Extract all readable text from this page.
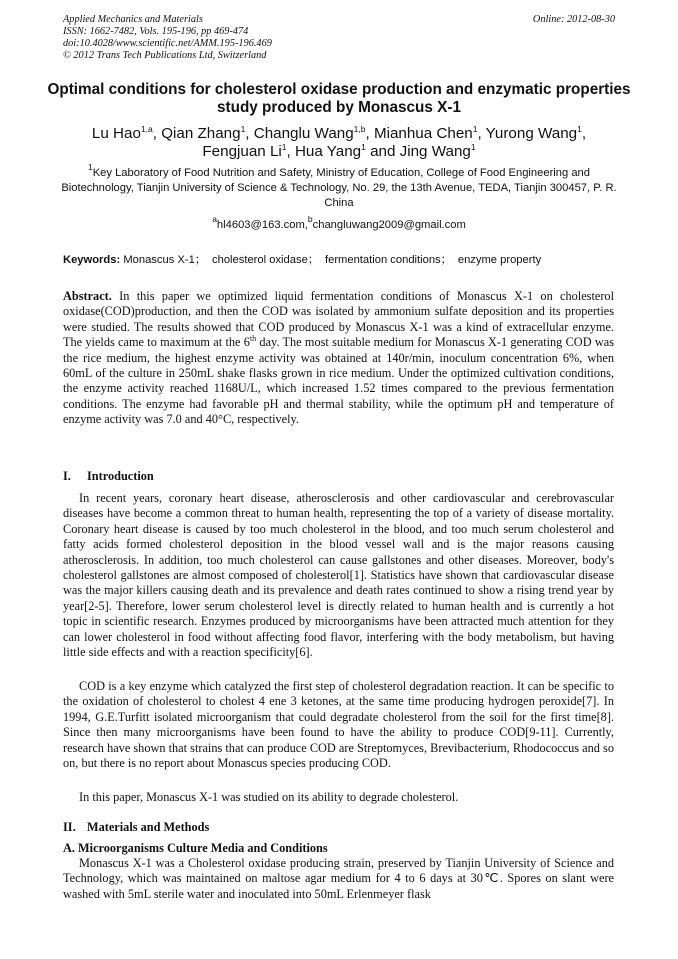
Applied Mechanics and Materials
ISSN: 1662-7482, Vols. 195-196, pp 469-474
doi:10.4028/www.scientific.net/AMM.195-196.469
© 2012 Trans Tech Publications Ltd, Switzerland
Online: 2012-08-30
Optimal conditions for cholesterol oxidase production and enzymatic properties study produced by Monascus X-1
Lu Hao$^{1,a}$, Qian Zhang$^1$, Changlu Wang$^{1,b}$, Mianhua Chen$^1$, Yurong Wang$^1$,
Fengjuan Li$^1$, Hua Yang$^1$ and Jing Wang$^1$
$^1$Key Laboratory of Food Nutrition and Safety, Ministry of Education, College of Food Engineering and Biotechnology, Tianjin University of Science & Technology, No. 29, the 13th Avenue, TEDA, Tianjin 300457, P. R. China
$^a$hl4603@163.com,$^b$changluwang2009@gmail.com
Keywords: Monascus X-1； cholesterol oxidase； fermentation conditions； enzyme property
Abstract. In this paper we optimized liquid fermentation conditions of Monascus X-1 on cholesterol oxidase(COD)production, and then the COD was isolated by ammonium sulfate deposition and its properties were studied. The results showed that COD produced by Monascus X-1 was a kind of extracellular enzyme. The yields came to maximum at the 6th day. The most suitable medium for Monascus X-1 generating COD was the rice medium, the highest enzyme activity was obtained at 140r/min, inoculum concentration 6%, when 60mL of the culture in 250mL shake flasks grown in rice medium. Under the optimized cultivation conditions, the enzyme activity reached 1168U/L, which increased 1.52 times compared to the previous fermentation conditions. The enzyme had favorable pH and thermal stability, while the optimum pH and temperature of enzyme activity was 7.0 and 40°C, respectively.
I. Introduction
In recent years, coronary heart disease, atherosclerosis and other cardiovascular and cerebrovascular diseases have become a common threat to human health, representing the top of a variety of disease mortality. Coronary heart disease is caused by too much cholesterol in the blood, and too much serum cholesterol and fatty acids formed cholesterol deposition in the blood vessel wall and is the major reasons causing atherosclerosis. In addition, too much cholesterol can cause gallstones and other diseases. Moreover, body's cholesterol gallstones are almost composed of cholesterol[1]. Statistics have shown that cardiovascular disease was the major killers causing death and its prevalence and death rates continued to show a rising trend year by year[2-5]. Therefore, lower serum cholesterol level is directly related to human health and is currently a hot topic in scientific research. Enzymes produced by microorganisms have been attracted much attention for they can lower cholesterol in food without affecting food flavor, interfering with the body metabolism, but having little side effects and with a reaction specificity[6].
COD is a key enzyme which catalyzed the first step of cholesterol degradation reaction. It can be specific to the oxidation of cholesterol to cholest 4 ene 3 ketones, at the same time producing hydrogen peroxide[7]. In 1994, G.E.Turfitt isolated microorganism that could degradate cholesterol from the soil for the first time[8]. Since then many microorganisms have been found to have the ability to produce COD[9-11]. Currently, research have shown that strains that can produce COD are Streptomyces, Brevibacterium, Rhodococcus and so on, but there is no report about Monascus species producing COD.
In this paper, Monascus X-1 was studied on its ability to degrade cholesterol.
II. Materials and Methods
A. Microorganisms Culture Media and Conditions
Monascus X-1 was a Cholesterol oxidase producing strain, preserved by Tianjin University of Science and Technology, which was maintained on maltose agar medium for 4 to 6 days at 30℃. Spores on slant were washed with 5mL sterile water and inoculated into 50mL Erlenmeyer flask
